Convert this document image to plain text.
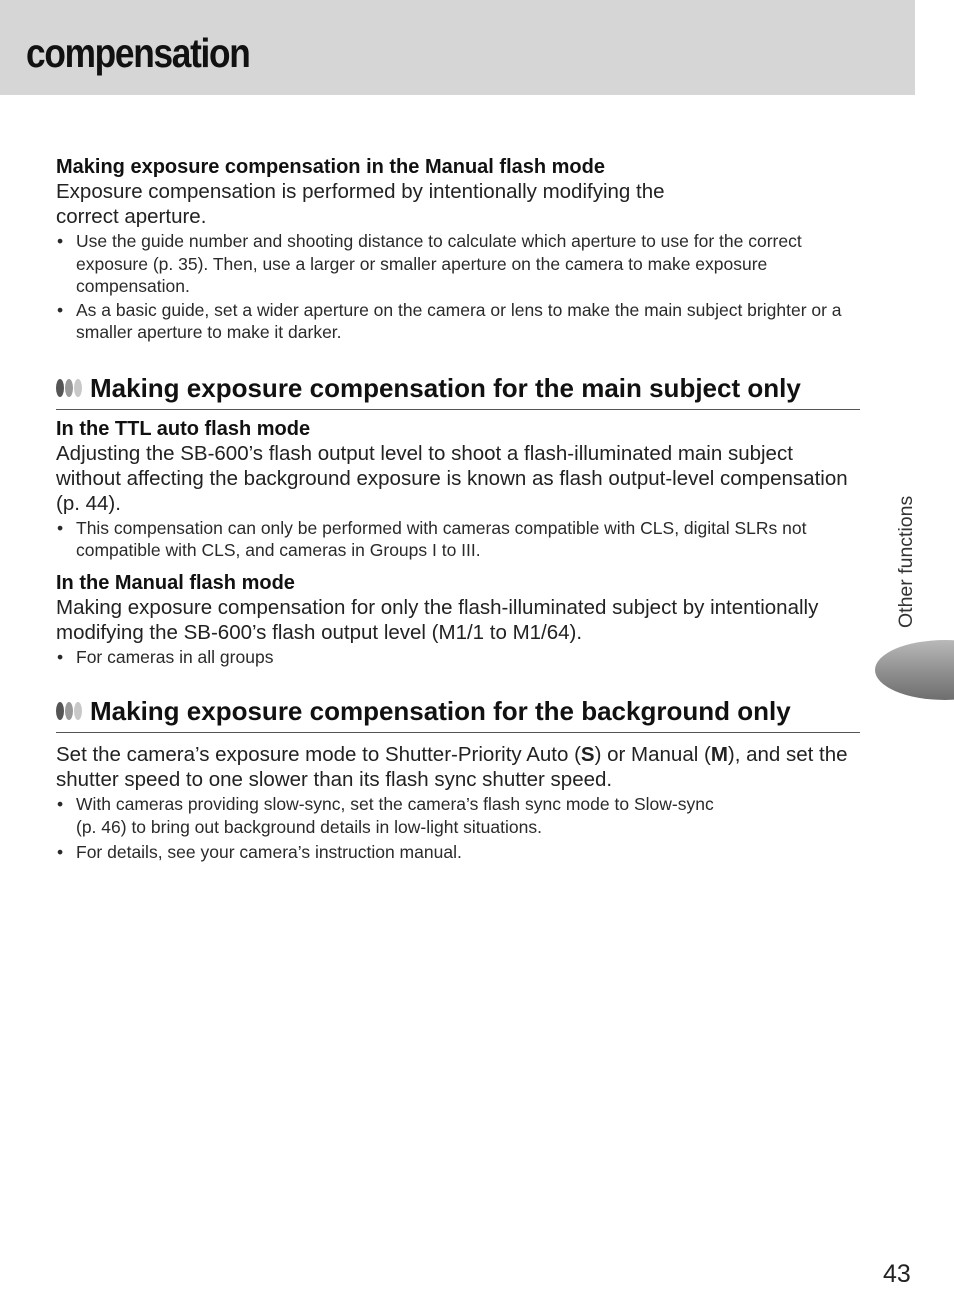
compensation

Making exposure compensation in the Manual flash mode

Exposure compensation is performed by intentionally modifying the
correct aperture.

• Use the guide number and shooting distance to calculate which aperture to use for the correct exposure (p. 35). Then, use a larger or smaller aperture on the camera to make exposure compensation.
• As a basic guide, set a wider aperture on the camera or lens to make the main subject brighter or a smaller aperture to make it darker.
Making exposure compensation for the main subject only

In the TTL auto flash mode

Adjusting the SB-600’s flash output level to shoot a flash-illuminated main subject without affecting the background exposure is known as flash output-level compensation (p. 44).

• This compensation can only be performed with cameras compatible with CLS, digital SLRs not compatible with CLS, and cameras in Groups I to III.

In the Manual flash mode

Making exposure compensation for only the flash-illuminated subject by intentionally modifying the SB-600’s flash output level (M1/1 to M1/64).

• For cameras in all groups
Making exposure compensation for the background only

Set the camera’s exposure mode to Shutter-Priority Auto (S) or Manual (M), and set the shutter speed to one slower than its flash sync shutter speed.

• With cameras providing slow-sync, set the camera’s flash sync mode to Slow-sync
(p. 46) to bring out background details in low-light situations.
• For details, see your camera’s instruction manual.
Other functions
43
